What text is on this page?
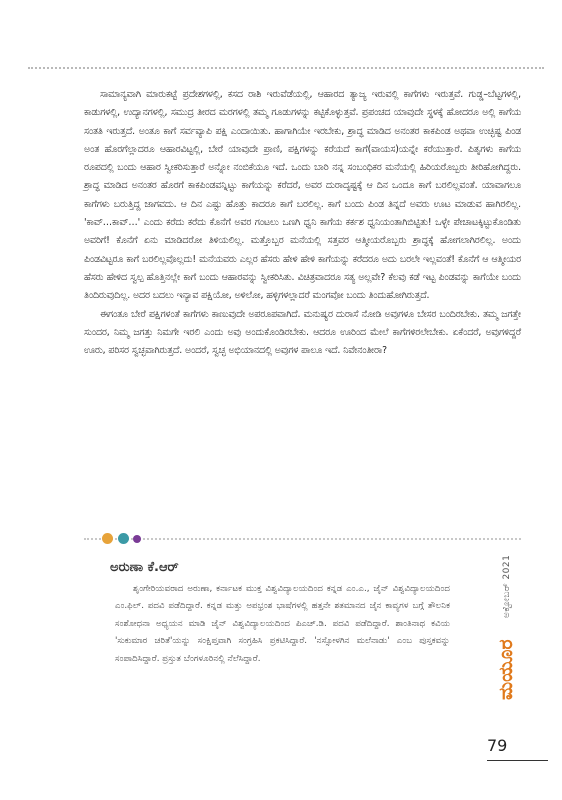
ಸಾಮಾನ್ಯವಾಗಿ ಮಾರುಕಟ್ಟೆ ಪ್ರದೇಶಗಳಲ್ಲಿ, ಕಸದ ರಾಶಿ ಇರುವೆಡೆಯಲ್ಲಿ, ಆಹಾರದ ತ್ಯಾಜ್ಯ ಇರುವಲ್ಲಿ ಕಾಗೆಗಳು ಇರುತ್ತವೆ. ಗುಡ್ಡ–ಬೆಟ್ಟಗಳಲ್ಲಿ, ಕಾಡುಗಳಲ್ಲಿ, ಉದ್ಯಾನಗಳಲ್ಲಿ, ಸಮುದ್ರ ತೀರದ ಮರಗಳಲ್ಲಿ ತಮ್ಮ ಗೂಡುಗಳನ್ನು ಕಟ್ಟಿಕೊಳ್ಳುತ್ತವೆ. ಪ್ರಪಂಚದ ಯಾವುದೇ ಸ್ಥಳಕ್ಕೆ ಹೋದರೂ ಅಲ್ಲಿ ಕಾಗೆಯ ಸಂತತಿ ಇರುತ್ತದೆ. ಅಂತೂ ಕಾಗೆ ಸರ್ವವ್ಯಾಪಿ ಪಕ್ಷಿ ಎಂದಾಯಿತು. ಹಾಗಾಗಿಯೇ ಇರಬೇಕು, ಶ್ರಾದ್ಧ ಮಾಡಿದ ಅನಂತರ ಕಾಕಪಿಂಡ ಅಥವಾ ಉಚ್ಛಿಷ್ಟ ಪಿಂಡ ಅಂತ ಹೊರಗೆಲ್ಲಾದರೂ ಆಹಾರವಿಟ್ಟಲ್ಲಿ, ಬೇರೆ ಯಾವುದೇ ಪ್ರಾಣಿ, ಪಕ್ಷಿಗಳನ್ನು ಕರೆಯದೆ ಕಾಗೆ(ವಾಯಸ)ಯನ್ನೇ ಕರೆಯುತ್ತಾರೆ. ಪಿತೃಗಳು ಕಾಗೆಯ ರೂಪದಲ್ಲಿ ಬಂದು ಆಹಾರ ಸ್ವೀಕರಿಸುತ್ತಾರೆ ಅನ್ನೋ ನಂಬಿಕೆಯೂ ಇದೆ. ಒಂದು ಬಾರಿ ನನ್ನ ಸಂಬಂಧಿಕರ ಮನೆಯಲ್ಲಿ ಹಿರಿಯರೊಬ್ಬರು ತೀರಿಹೋಗಿದ್ದರು. ಶ್ರಾದ್ಧ ಮಾಡಿದ ಅನಂತರ ಹೊರಗೆ ಕಾಕಪಿಂಡವನ್ನಿಟ್ಟು ಕಾಗೆಯನ್ನು ಕರೆದರೆ, ಅವರ ದುರಾದೃಷ್ಟಕ್ಕೆ ಆ ದಿನ ಒಂದೂ ಕಾಗೆ ಬರಲಿಲ್ಲವಂತೆ. ಯಾವಾಗಲೂ ಕಾಗೆಗಳು ಬರುತ್ತಿದ್ದ ಜಾಗವದು. ಆ ದಿನ ಎಷ್ಟು ಹೊತ್ತು ಕಾದರೂ ಕಾಗೆ ಬರಲಿಲ್ಲ. ಕಾಗೆ ಬಂದು ಪಿಂಡ ತಿನ್ನದೆ ಅವರು ಊಟ ಮಾಡುವ ಹಾಗಿರಲಿಲ್ಲ. 'ಕಾವ್…ಕಾವ್…' ಎಂದು ಕರೆದು ಕರೆದು ಕೊನೆಗೆ ಅವರ ಗಂಟಲು ಒಣಗಿ ಧ್ವನಿ ಕಾಗೆಯ ಕರ್ಕಶ ಧ್ವನಿಯಂತಾಗಿಬಿಟ್ಟಿತು! ಒಳ್ಳೇ ಪೇಚಾಟಕ್ಕಿಟ್ಟುಕೊಂಡಿತು ಅವರಿಗೆ! ಕೊನೆಗೆ ಏನು ಮಾಡಿದರೋ ತಿಳಿಯಲಿಲ್ಲ. ಮತ್ತೊಬ್ಬರ ಮನೆಯಲ್ಲಿ ಸತ್ತವರ ಆತ್ಮೀಯರೊಬ್ಬರು ಶ್ರಾದ್ಧಕ್ಕೆ ಹೋಗಲಾಗಿರಲಿಲ್ಲ. ಅಂದು ಪಿಂಡವಿಟ್ಟರೂ ಕಾಗೆ ಬರಲಿಲ್ಲವೊಲ್ಲದು! ಮನೆಯವರು ಎಲ್ಲರ ಹೆಸರು ಹೇಳಿ ಹೇಳಿ ಕಾಗೆಯನ್ನು ಕರೆದರೂ ಅದು ಬರಲೇ ಇಲ್ಲವಂತೆ! ಕೊನೆಗೆ ಆ ಆತ್ಮೀಯರ ಹೆಸರು ಹೇಳಿದ ಸ್ವಲ್ಪ ಹೊತ್ತಿನಲ್ಲೇ ಕಾಗೆ ಬಂದು ಆಹಾರವನ್ನು ಸ್ವೀಕರಿಸಿತು. ವಿಚಿತ್ರವಾದರೂ ಸತ್ಯ ಅಲ್ಲವೇ? ಕೆಲವು ಕಡೆ ಇಟ್ಟ ಪಿಂಡವನ್ನು ಕಾಗೆಯೇ ಬಂದು ತಿಂದಿರುವುದಿಲ್ಲ. ಅದರ ಬದಲು ಇನ್ಯಾವ ಪಕ್ಷಿಯೋ, ಅಳಿಲೋ, ಹಳ್ಳಿಗಳಲ್ಲಾದರೆ ಮಂಗವೋ ಬಂದು ತಿಂದುಹೋಗಿರುತ್ತದೆ.

ಈಗಂತೂ ಬೇರೆ ಪಕ್ಷಿಗಳಂತೆ ಕಾಗೆಗಳು ಕಾಣುವುದೇ ಅಪರೂಪವಾಗಿದೆ. ಮನುಷ್ಯರ ದುರಾಸೆ ನೋಡಿ ಅವುಗಳೂ ಬೇಸರ ಬಂದಿರಬೇಕು. ತಮ್ಮ ಜಗತ್ತೇ ಸುಂದರ, ನಿಮ್ಮ ಜಗತ್ತು ನಿಮಗೇ ಇರಲಿ ಎಂದು ಅವು ಅಂದುಕೊಂಡಿರಬೇಕು. ಆದರೂ ಊರಿಂದ ಮೇಲೆ ಕಾಗೆಗಳಿರಲೇಬೇಕು. ಏಕೆಂದರೆ, ಅವುಗಳಿದ್ದರೆ ಊರು, ಪರಿಸರ ಸ್ವಚ್ಛವಾಗಿರುತ್ತದೆ. ಅಂದರೆ, ಸ್ವಚ್ಛ ಅಭಿಯಾನದಲ್ಲಿ ಅವುಗಳ ಪಾಲೂ ಇದೆ. ನಿವೇನಂತೀರಾ?

ಅರುಣಾ ಕೆ.ಆರ್

ಶೃಂಗೇರಿಯವರಾದ ಅರುಣಾ, ಕರ್ನಾಟಕ ಮುಕ್ತ ವಿಶ್ವವಿದ್ಯಾಲಯದಿಂದ ಕನ್ನಡ ಎಂ.ಎ., ಜೈನ್ ವಿಶ್ವವಿದ್ಯಾಲಯದಿಂದ ಎಂ.ಫಿಲ್. ಪದವಿ ಪಡೆದಿದ್ದಾರೆ. ಕನ್ನಡ ಮತ್ತು ಅಪಭ್ರಂಶ ಭಾಷೆಗಳಲ್ಲಿ ಹತ್ತನೇ ಶತಮಾನದ ಜೈನ ಕಾವ್ಯಗಳ ಬಗ್ಗೆ ತೌಲನಿಕ ಸಂಶೋಧನಾ ಅಧ್ಯಯನ ಮಾಡಿ ಜೈನ್ ವಿಶ್ವವಿದ್ಯಾಲಯದಿಂದ ಪಿಎಚ್.ಡಿ. ಪದವಿ ಪಡೆದಿದ್ದಾರೆ. ಶಾಂತಿನಾಥ ಕವಿಯ 'ಸುಕುಮಾರ ಚರಿತೆ'ಯನ್ನು ಸಂಕ್ಷಿಪ್ತವಾಗಿ ಸಂಗ್ರಹಿಸಿ ಪ್ರಕಟಿಸಿದ್ದಾರೆ. 'ನಸ್ಸೋಳಗಿನ ಮಲೆನಾಡು' ಎಂಬ ಪುಸ್ತಕವನ್ನು ಸಂಪಾದಿಸಿದ್ದಾರೆ. ಪ್ರಸ್ತುತ ಬೆಂಗಳೂರಿನಲ್ಲಿ ನೆಲೆಸಿದ್ದಾರೆ.

ಅಕ್ಟೋಬರ್ 2021
ಮಯೂರ
79
